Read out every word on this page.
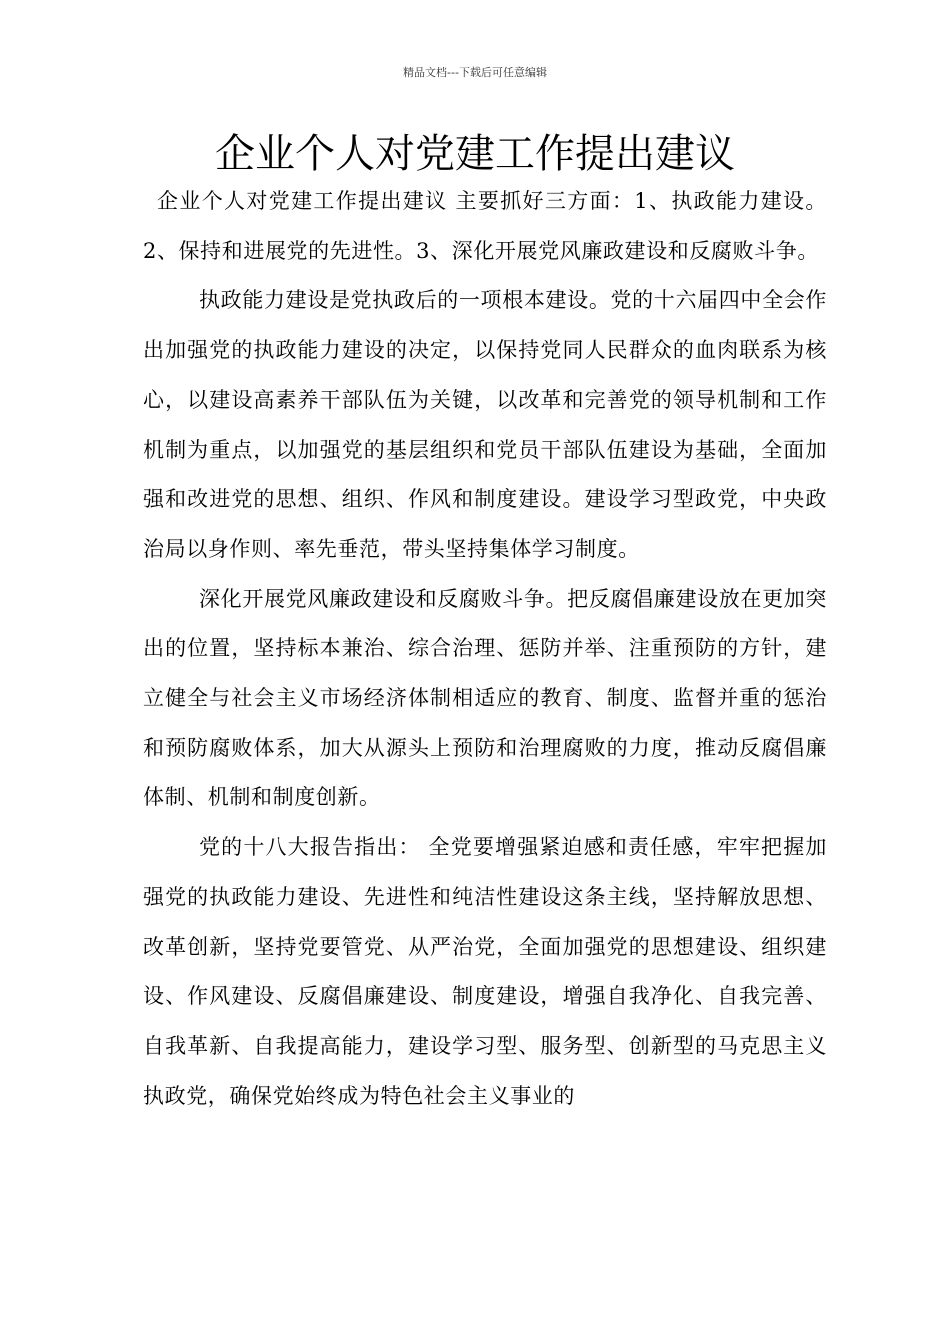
精品文档---下载后可任意编辑
企业个人对党建工作提出建议

企业个人对党建工作提出建议 主要抓好三方面：1、执政能力建设。2、保持和进展党的先进性。3、深化开展党风廉政建设和反腐败斗争。

执政能力建设是党执政后的一项根本建设。党的十六届四中全会作出加强党的执政能力建设的决定，以保持党同人民群众的血肉联系为核心，以建设高素养干部队伍为关键，以改革和完善党的领导机制和工作机制为重点，以加强党的基层组织和党员干部队伍建设为基础，全面加强和改进党的思想、组织、作风和制度建设。建设学习型政党，中央政治局以身作则、率先垂范，带头坚持集体学习制度。

深化开展党风廉政建设和反腐败斗争。把反腐倡廉建设放在更加突出的位置，坚持标本兼治、综合治理、惩防并举、注重预防的方针，建立健全与社会主义市场经济体制相适应的教育、制度、监督并重的惩治和预防腐败体系，加大从源头上预防和治理腐败的力度，推动反腐倡廉体制、机制和制度创新。

党的十八大报告指出： 全党要增强紧迫感和责任感，牢牢把握加强党的执政能力建设、先进性和纯洁性建设这条主线，坚持解放思想、改革创新，坚持党要管党、从严治党，全面加强党的思想建设、组织建设、作风建设、反腐倡廉建设、制度建设，增强自我净化、自我完善、自我革新、自我提高能力，建设学习型、服务型、创新型的马克思主义执政党，确保党始终成为特色社会主义事业的
